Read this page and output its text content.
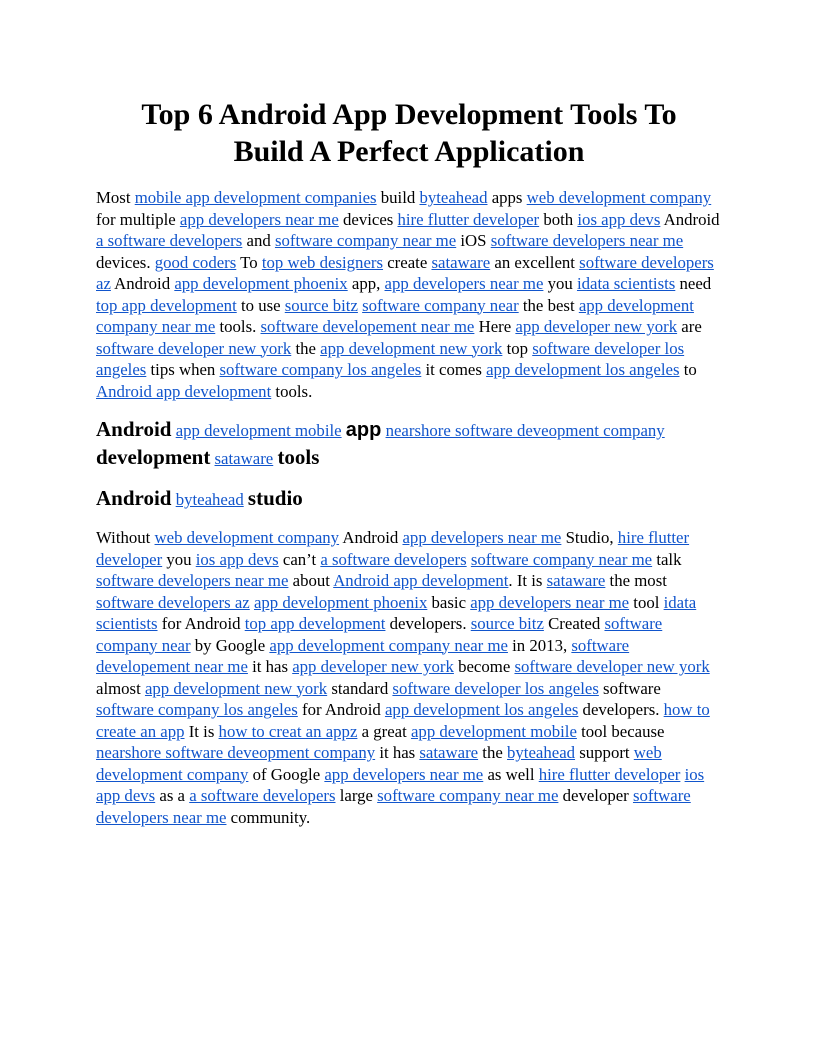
Top 6 Android App Development Tools To Build A Perfect Application

Most mobile app development companies build byteahead apps web development company for multiple app developers near me devices hire flutter developer both ios app devs Android a software developers and software company near me iOS software developers near me devices. good coders To top web designers create sataware an excellent software developers az Android app development phoenix app, app developers near me you idata scientists need top app development to use source bitz software company near the best app development company near me tools. software developement near me Here app developer new york are software developer new york the app development new york top software developer los angeles tips when software company los angeles it comes app development los angeles to Android app development tools.

Android app development mobile app nearshore software deveopment company development sataware tools
Android byteahead studio

Without web development company Android app developers near me Studio, hire flutter developer you ios app devs can’t a software developers software company near me talk software developers near me about Android app development. It is sataware the most software developers az app development phoenix basic app developers near me tool idata scientists for Android top app development developers. source bitz Created software company near by Google app development company near me in 2013, software developement near me it has app developer new york become software developer new york almost app development new york standard software developer los angeles software software company los angeles for Android app development los angeles developers. how to create an app It is how to creat an appz a great app development mobile tool because nearshore software deveopment company it has sataware the byteahead support web development company of Google app developers near me as well hire flutter developer ios app devs as a a software developers large software company near me developer software developers near me community.
